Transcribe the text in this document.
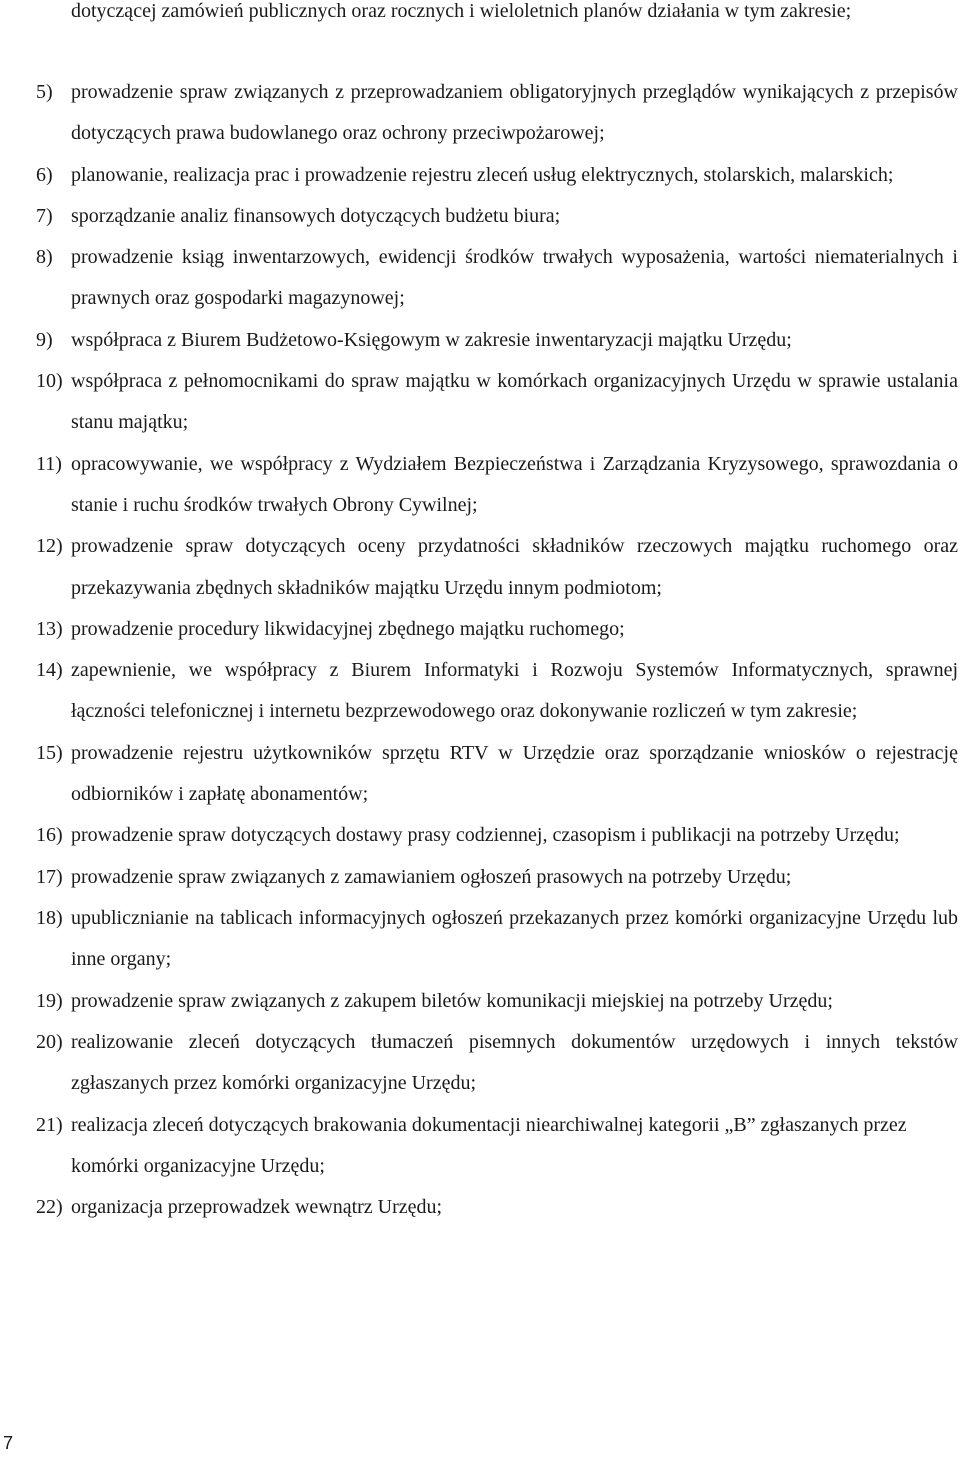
dotyczącej zamówień publicznych oraz rocznych i wieloletnich planów działania w tym zakresie;
5) prowadzenie spraw związanych z przeprowadzaniem obligatoryjnych przeglądów wynikających z przepisów dotyczących prawa budowlanego oraz ochrony przeciwpożarowej;
6) planowanie, realizacja prac i prowadzenie rejestru zleceń usług elektrycznych, stolarskich, malarskich;
7) sporządzanie analiz finansowych dotyczących budżetu biura;
8) prowadzenie ksiąg inwentarzowych, ewidencji środków trwałych wyposażenia, wartości niematerialnych i prawnych oraz gospodarki magazynowej;
9) współpraca z Biurem Budżetowo-Księgowym w zakresie inwentaryzacji majątku Urzędu;
10) współpraca z pełnomocnikami do spraw majątku w komórkach organizacyjnych Urzędu w sprawie ustalania stanu majątku;
11) opracowywanie, we współpracy z Wydziałem Bezpieczeństwa i Zarządzania Kryzysowego, sprawozdania o stanie i ruchu środków trwałych Obrony Cywilnej;
12) prowadzenie spraw dotyczących oceny przydatności składników rzeczowych majątku ruchomego oraz przekazywania zbędnych składników majątku Urzędu innym podmiotom;
13) prowadzenie procedury likwidacyjnej zbędnego majątku ruchomego;
14) zapewnienie, we współpracy z Biurem Informatyki i Rozwoju Systemów Informatycznych, sprawnej łączności telefonicznej i internetu bezprzewodowego oraz dokonywanie rozliczeń w tym zakresie;
15) prowadzenie rejestru użytkowników sprzętu RTV w Urzędzie oraz sporządzanie wniosków o rejestrację odbiorników i zapłatę abonamentów;
16) prowadzenie spraw dotyczących dostawy prasy codziennej, czasopism i publikacji na potrzeby Urzędu;
17) prowadzenie spraw związanych z zamawianiem ogłoszeń prasowych na potrzeby Urzędu;
18) upublicznianie na tablicach informacyjnych ogłoszeń przekazanych przez komórki organizacyjne Urzędu lub inne organy;
19) prowadzenie spraw związanych z zakupem biletów komunikacji miejskiej na potrzeby Urzędu;
20) realizowanie zleceń dotyczących tłumaczeń pisemnych dokumentów urzędowych i innych tekstów zgłaszanych przez komórki organizacyjne Urzędu;
21) realizacja zleceń dotyczących brakowania dokumentacji niearchiwalnej kategorii „B” zgłaszanych przez komórki organizacyjne Urzędu;
22) organizacja przeprowadzek wewnątrz Urzędu;
7
